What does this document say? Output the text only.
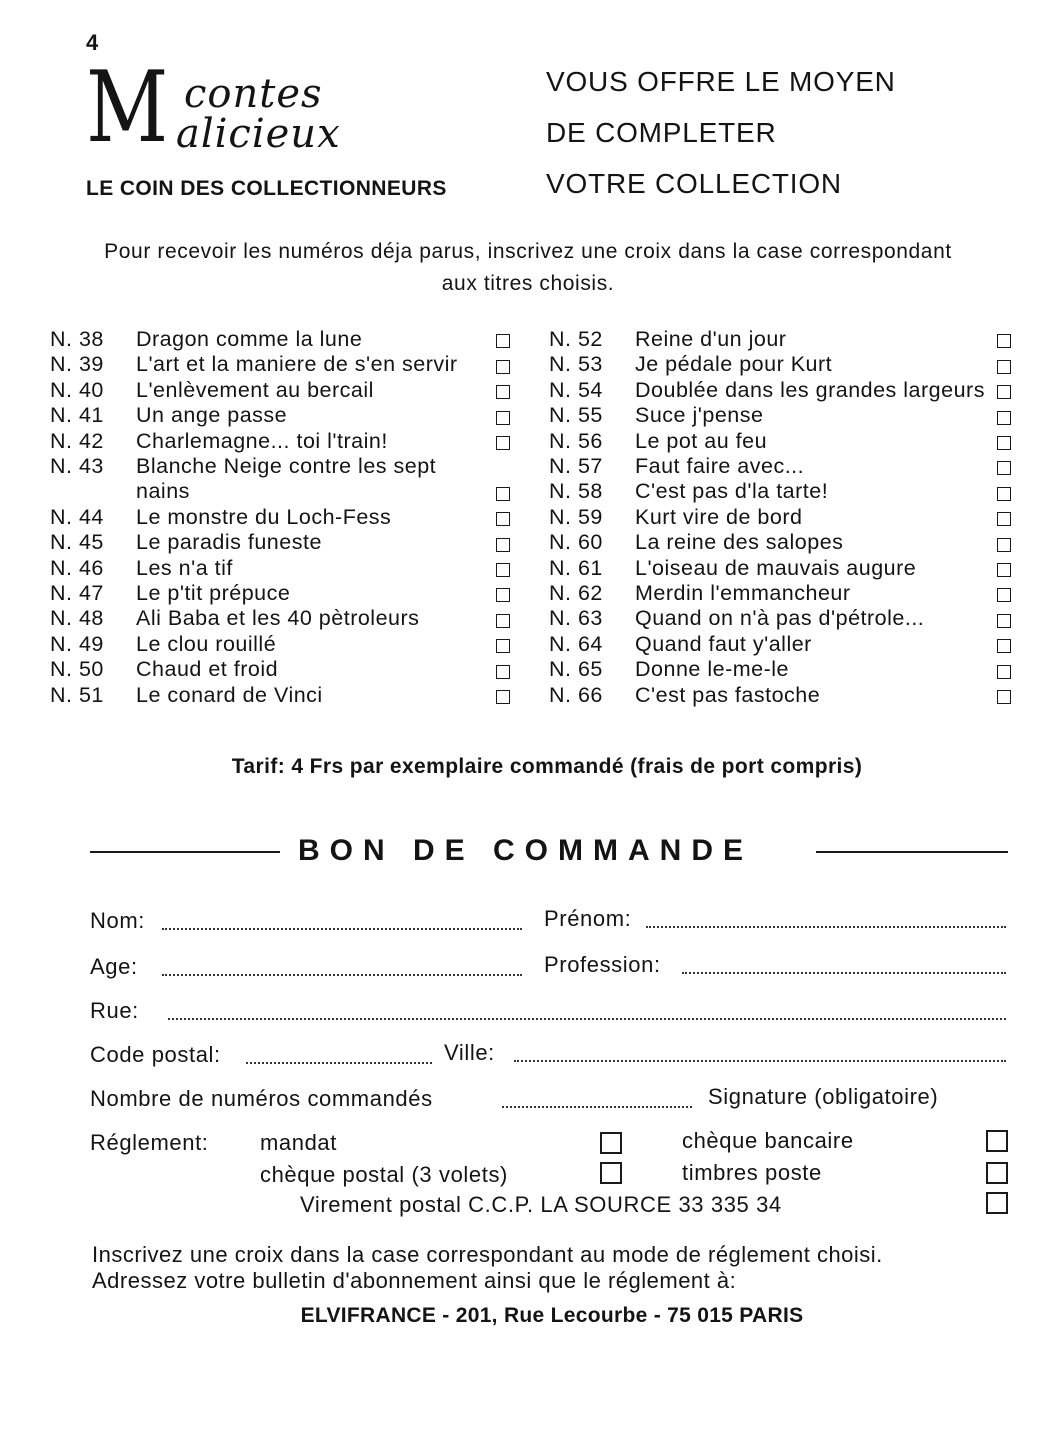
4
M contes
alicieux
LE COIN DES COLLECTIONNEURS
VOUS OFFRE LE MOYEN
DE COMPLETER
VOTRE COLLECTION
Pour recevoir les numéros déja parus, inscrivez une croix dans la case correspondant aux titres choisis.
N. 38	Dragon comme la lune
N. 39	L'art et la maniere de s'en servir
N. 40	L'enlèvement au bercail
N. 41	Un ange passe
N. 42	Charlemagne... toi l'train!
N. 43	Blanche Neige contre les sept nains
N. 44	Le monstre du Loch-Fess
N. 45	Le paradis funeste
N. 46	Les n'a tif
N. 47	Le p'tit prépuce
N. 48	Ali Baba et les 40 pètroleurs
N. 49	Le clou rouillé
N. 50	Chaud et froid
N. 51	Le conard de Vinci
N. 52	Reine d'un jour
N. 53	Je pédale pour Kurt
N. 54	Doublée dans les grandes largeurs
N. 55	Suce j'pense
N. 56	Le pot au feu
N. 57	Faut faire avec...
N. 58	C'est pas d'la tarte!
N. 59	Kurt vire de bord
N. 60	La reine des salopes
N. 61	L'oiseau de mauvais augure
N. 62	Merdin l'emmancheur
N. 63	Quand on n'à pas d'pétrole...
N. 64	Quand faut y'aller
N. 65	Donne le-me-le
N. 66	C'est pas fastoche
Tarif: 4 Frs par exemplaire commandé (frais de port compris)
BON DE COMMANDE
Nom:	Prénom:
Age:	Profession:
Rue:
Code postal:	Ville:
Nombre de numéros commandés	Signature (obligatoire)
Réglement: mandat	chèque bancaire
chèque postal (3 volets)	timbres poste
Virement postal C.C.P. LA SOURCE 33 335 34
Inscrivez une croix dans la case correspondant au mode de réglement choisi.
Adressez votre bulletin d'abonnement ainsi que le réglement à:
ELVIFRANCE - 201, Rue Lecourbe - 75 015 PARIS
